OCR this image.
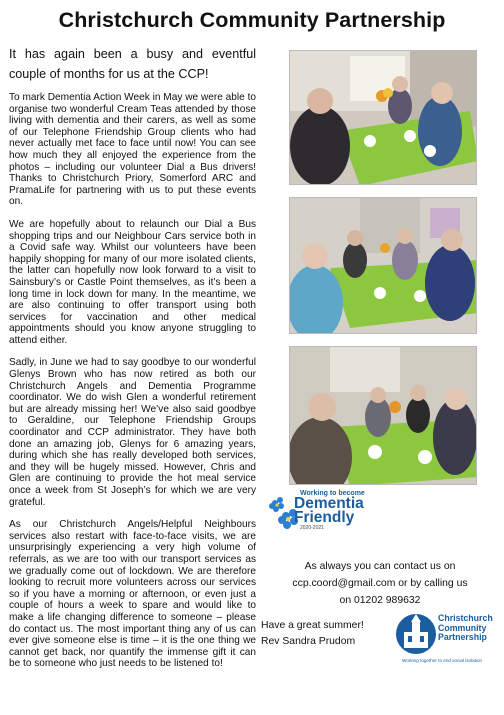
Christchurch Community Partnership

It has again been a busy and eventful couple of months for us at the CCP!

To mark Dementia Action Week in May we were able to organise two wonderful Cream Teas attended by those living with dementia and their carers, as well as some of our Telephone Friendship Group clients who had never actually met face to face until now! You can see how much they all enjoyed the experience from the photos – including our volunteer Dial a Bus drivers! Thanks to Christchurch Priory, Somerford ARC and PramaLife for partnering with us to put these events on.

We are hopefully about to relaunch our Dial a Bus shopping trips and our Neighbour Cars service both in a Covid safe way. Whilst our volunteers have been happily shopping for many of our more isolated clients, the latter can hopefully now look forward to a visit to Sainsbury’s or Castle Point themselves, as it’s been a long time in lock down for many. In the meantime, we are also continuing to offer transport using both services for vaccination and other medical appointments should you know anyone struggling to attend either.

Sadly, in June we had to say goodbye to our wonderful Glenys Brown who has now retired as both our Christchurch Angels and Dementia Programme coordinator. We do wish Glen a wonderful retirement but are already missing her! We’ve also said goodbye to Geraldine, our Telephone Friendship Groups coordinator and CCP administrator. They have both done an amazing job, Glenys for 6 amazing years, during which she has really developed both services, and they will be hugely missed. However, Chris and Glen are continuing to provide the hot meal service once a week from St Joseph’s for which we are very grateful.

As our Christchurch Angels/Helpful Neighbours services also restart with face-to-face visits, we are unsurprisingly experiencing a very high volume of referrals, as we are too with our transport services as we gradually come out of lockdown. We are therefore looking to recruit more volunteers across our services so if you have a morning or afternoon, or even just a couple of hours a week to spare and would like to make a life changing difference to someone – please do contact us. The most important thing any of us can ever give someone else is time – it is the one thing we cannot get back, nor quantify the immense gift it can be to someone who just needs to be listened to!

Working to become
Dementia
Friendly
2020-2021
As always you can contact us on
ccp.coord@gmail.com or by calling us
on 01202 989632
Have a great summer!
Rev Sandra Prudom
Christchurch
Community
Partnership
Working together to end social isolation
